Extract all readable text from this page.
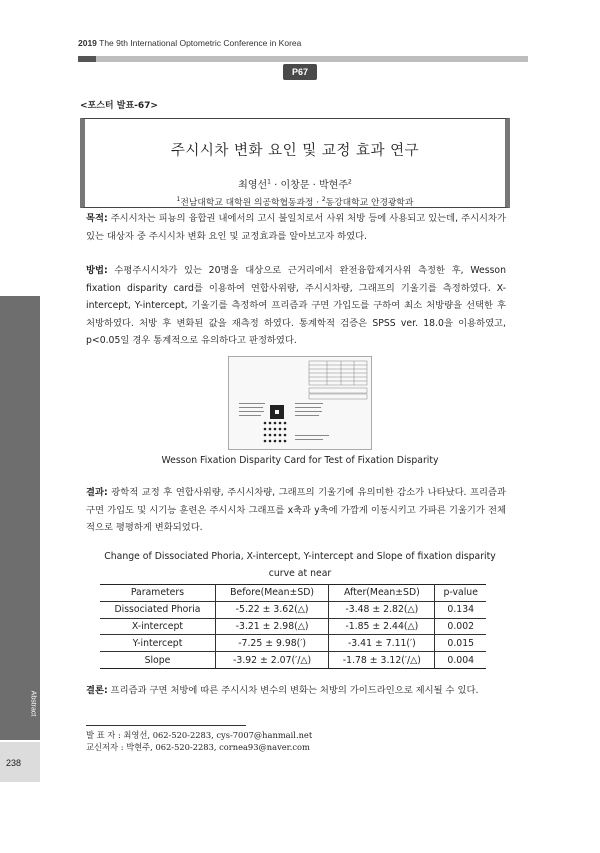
2019 The 9th International Optometric Conference in Korea
P67
<포스터 발표-67>
주시시차 변화 요인 및 교정 효과 연구
최영선$^1$ · 이창문 · 박현주$^2$
$^1$전남대학교 대학원 의공학협동과정 · $^2$동강대학교 안경광학과
목적: 주시시차는 피뇽의 융합권 내에서의 고시 불일치로서 사위 처방 등에 사용되고 있는데, 주시시차가 있는 대상자 중 주시시차 변화 요인 및 교정효과를 알아보고자 하였다.
방법: 수평주시시차가 있는 20명을 대상으로 근거리에서 완전융합제거사위 측정한 후, Wesson fixation disparity card를 이용하여 연합사위량, 주시시차량, 그래프의 기울기를 측정하였다. X-intercept, Y-intercept, 기울기를 측정하여 프리즘과 구면 가입도를 구하여 최소 처방량을 선택한 후 처방하였다. 처방 후 변화된 값을 재측정 하였다. 통계학적 검증은 SPSS ver. 18.0을 이용하였고, p<0.05일 경우 통계적으로 유의하다고 판정하였다.
Wesson Fixation Disparity Card for Test of Fixation Disparity
결과: 광학적 교정 후 연합사위량, 주시시차량, 그래프의 기울기에 유의미한 감소가 나타났다. 프리즘과 구면 가입도 및 시기능 훈련은 주시시차 그래프를 x축과 y축에 가깝게 이동시키고 가파른 기울기가 전체적으로 평평하게 변화되었다.
Change of Dissociated Phoria, X-intercept, Y-intercept and Slope of fixation disparity
curve at near
Parameters	Before(Mean±SD)	After(Mean±SD)	p-value
Dissociated Phoria	-5.22 ± 3.62(△)	-3.48 ± 2.82(△)	0.134
X-intercept	-3.21 ± 2.98(△)	-1.85 ± 2.44(△)	0.002
Y-intercept	-7.25 ± 9.98(′)	-3.41 ± 7.11(′)	0.015
Slope	-3.92 ± 2.07(′/△)	-1.78 ± 3.12(′/△)	0.004
결론: 프리즘과 구면 처방에 따른 주시시차 변수의 변화는 처방의 가이드라인으로 제시될 수 있다.
발 표 자 : 최영선, 062-520-2283, cys-7007@hanmail.net
교신저자 : 박현주, 062-520-2283, cornea93@naver.com
Abstract
238
